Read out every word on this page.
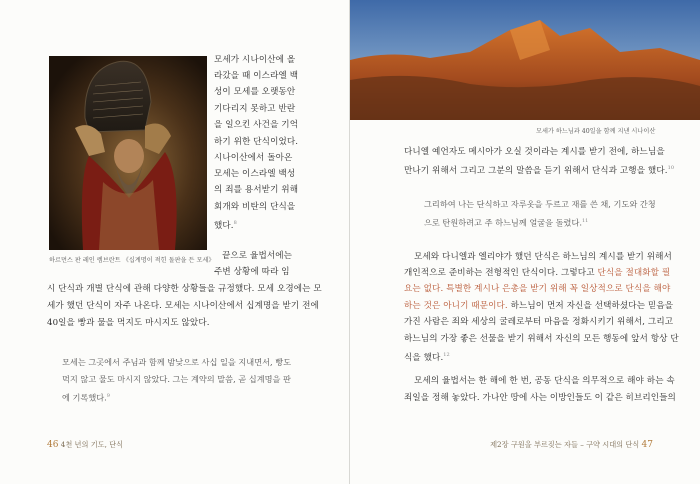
하르먼스 판 레인 렘브란트 《십계명이 적힌 돌판을 든 모세》
모세가 시나이산에 올
라갔을 때 이스라엘 백
성이 모세를 오랫동안
기다리지 못하고 반란
을 일으킨 사건을 기억
하기 위한 단식이었다.
시나이산에서 돌아온
모세는 이스라엘 백성
의 죄를 용서받기 위해
회개와 비탄의 단식을
했다.$^8$
끝으로 율법서에는
주변 상황에 따라 임
시 단식과 개별 단식에 관해 다양한 상황들을 규정했다. 모세 오경에는 모
세가 했던 단식이 자주 나온다. 모세는 시나이산에서 십계명을 받기 전에
40일을 빵과 물을 먹지도 마시지도 않았다.
모세는 그곳에서 주님과 함께 밤낮으로 사십 일을 지내면서, 빵도
먹지 않고 물도 마시지 않았다. 그는 계약의 말씀, 곧 십계명을 판
에 기록했다.$^9$
46 4천 년의 기도, 단식
모세가 하느님과 40일을 함께 지낸 시나이산
다니엘 예언자도 메시아가 오실 것이라는 계시를 받기 전에, 하느님을
만나기 위해서 그리고 그분의 말씀을 듣기 위해서 단식과 고행을 했다.$^{10}$
그리하여 나는 단식하고 자루옷을 두르고 재를 쓴 채, 기도와 간청
으로 탄원하려고 주 하느님께 얼굴을 돌렸다.$^{11}$
모세와 다니엘과 엘리야가 했던 단식은 하느님의 계시를 받기 위해서
개인적으로 준비하는 전형적인 단식이다. 그렇다고 단식을 절대화할 필
요는 없다. 특별한 계시나 은총을 받기 위해 꼭 일상적으로 단식을 해야
하는 것은 아니기 때문이다. 하느님이 먼저 자신을 선택하셨다는 믿음을
가진 사람은 죄와 세상의 굴레로부터 마음을 정화시키기 위해서, 그리고
하느님의 가장 좋은 선물을 받기 위해서 자신의 모든 행동에 앞서 항상 단
식을 했다.$^{12}$
모세의 율법서는 한 해에 한 번, 공동 단식을 의무적으로 해야 하는 속
죄일을 정해 놓았다. 가나안 땅에 사는 이방인들도 이 같은 히브리인들의
제2장 구원을 부르짖는 자들 – 구약 시대의 단식 47
